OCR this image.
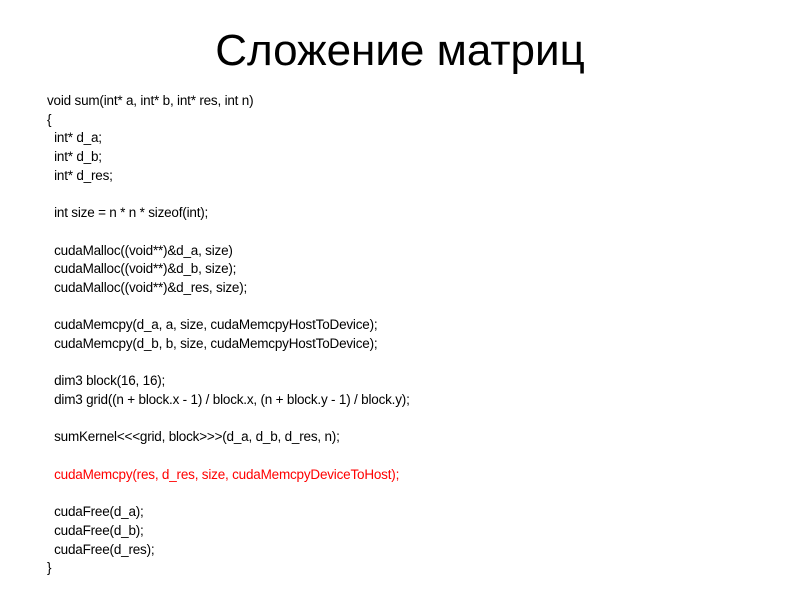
Сложение матриц
void sum(int* a, int* b, int* res, int n)
{
int* d_a;
int* d_b;
int* d_res;
int size = n * n * sizeof(int);
cudaMalloc((void**)&d_a, size)
cudaMalloc((void**)&d_b, size);
cudaMalloc((void**)&d_res, size);
cudaMemcpy(d_a, a, size, cudaMemcpyHostToDevice);
cudaMemcpy(d_b, b, size, cudaMemcpyHostToDevice);
dim3 block(16, 16);
dim3 grid((n + block.x - 1) / block.x, (n + block.y - 1) / block.y);
sumKernel<<<grid, block>>>(d_a, d_b, d_res, n);
cudaMemcpy(res, d_res, size, cudaMemcpyDeviceToHost);
cudaFree(d_a);
cudaFree(d_b);
cudaFree(d_res);
}
